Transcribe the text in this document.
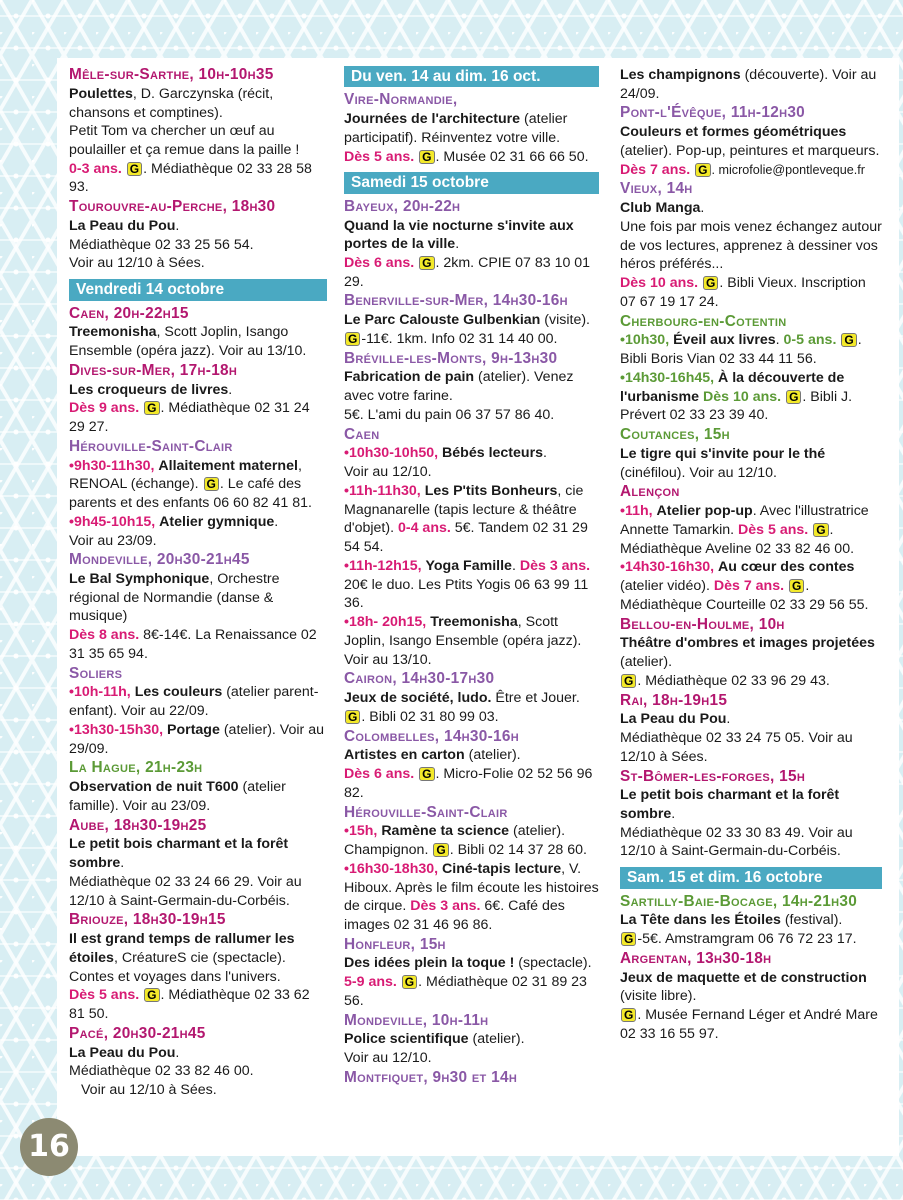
Mêle-sur-Sarthe, 10h-10h35

Poulettes, D. Garczynska (récit, chansons et comptines).

Petit Tom va chercher un œuf au poulailler et ça remue dans la paille !

0-3 ans. G . Médiathèque 02 33 28 58 93.

Tourouvre-au-Perche, 18h30

La Peau du Pou.

Médiathèque 02 33 25 56 54.

Voir au 12/10 à Sées.

Vendredi 14 octobre
Caen, 20h-22h15

Treemonisha, Scott Joplin, Isango Ensemble (opéra jazz). Voir au 13/10.

Dives-sur-Mer, 17h-18h

Les croqueurs de livres.

Dès 9 ans. G . Médiathèque 02 31 24 29 27.

Hérouville-Saint-Clair

•9h30-11h30, Allaitement maternel, RENOAL (échange). G . Le café des parents et des enfants 06 60 82 41 81.

•9h45-10h15, Atelier gymnique.

Voir au 23/09.

Mondeville, 20h30-21h45

Le Bal Symphonique, Orchestre régional de Normandie (danse & musique)

Dès 8 ans. 8€-14€. La Renaissance 02 31 35 65 94.

Soliers

•10h-11h, Les couleurs (atelier parent-enfant). Voir au 22/09.

•13h30-15h30, Portage (atelier). Voir au 29/09.

La Hague, 21h-23h

Observation de nuit T600 (atelier famille). Voir au 23/09.

Aube, 18h30-19h25

Le petit bois charmant et la forêt sombre.

Médiathèque 02 33 24 66 29. Voir au 12/10 à Saint-Germain-du-Corbéis.

Briouze, 18h30-19h15

Il est grand temps de rallumer les étoiles, CréatureS cie (spectacle). Contes et voyages dans l'univers.

Dès 5 ans. G . Médiathèque 02 33 62 81 50.

Pacé, 20h30-21h45

La Peau du Pou.

Médiathèque 02 33 82 46 00.

Voir au 12/10 à Sées.

Du ven. 14 au dim. 16 oct.
Vire-Normandie,

Journées de l'architecture (atelier participatif). Réinventez votre ville.

Dès 5 ans. G . Musée 02 31 66 66 50.

Samedi 15 octobre
Bayeux, 20h-22h

Quand la vie nocturne s'invite aux portes de la ville.

Dès 6 ans. G . 2km. CPIE 07 83 10 01 29.

Benerville-sur-Mer, 14h30-16h

Le Parc Calouste Gulbenkian (visite).

G -11€. 1km. Info 02 31 14 40 00.

Bréville-les-Monts, 9h-13h30

Fabrication de pain (atelier). Venez avec votre farine.

5€. L'ami du pain 06 37 57 86 40.

Caen

•10h30-10h50, Bébés lecteurs.

Voir au 12/10.

•11h-11h30, Les P'tits Bonheurs, cie Magnanarelle (tapis lecture & théâtre d'objet). 0-4 ans. 5€. Tandem 02 31 29 54 54.

•11h-12h15, Yoga Famille. Dès 3 ans. 20€ le duo. Les Ptits Yogis 06 63 99 11 36.

•18h- 20h15, Treemonisha, Scott Joplin, Isango Ensemble (opéra jazz). Voir au 13/10.

Cairon, 14h30-17h30

Jeux de société, ludo. Être et Jouer.

G . Bibli 02 31 80 99 03.

Colombelles, 14h30-16h

Artistes en carton (atelier).

Dès 6 ans. G . Micro-Folie 02 52 56 96 82.

Hérouville-Saint-Clair

•15h, Ramène ta science (atelier). Champignon. G . Bibli 02 14 37 28 60.

•16h30-18h30, Ciné-tapis lecture, V. Hiboux. Après le film écoute les histoires de cirque. Dès 3 ans. 6€. Café des images 02 31 46 96 86.

Honfleur, 15h

Des idées plein la toque ! (spectacle).

5-9 ans. G . Médiathèque 02 31 89 23 56.

Mondeville, 10h-11h

Police scientifique (atelier).

Voir au 12/10.

Montfiquet, 9h30 et 14h

Les champignons (découverte). Voir au 24/09.

Pont-l'Évêque, 11h-12h30

Couleurs et formes géométriques (atelier). Pop-up, peintures et marqueurs.

Dès 7 ans. G . microfolie@pontleveque.fr

Vieux, 14h

Club Manga.

Une fois par mois venez échangez autour de vos lectures, apprenez à dessiner vos héros préférés...

Dès 10 ans. G . Bibli Vieux. Inscription 07 67 19 17 24.

Cherbourg-en-Cotentin

•10h30, Éveil aux livres. 0-5 ans. G . Bibli Boris Vian 02 33 44 11 56.

•14h30-16h45, À la découverte de l'urbanisme Dès 10 ans. G . Bibli J. Prévert 02 33 23 39 40.

Coutances, 15h

Le tigre qui s'invite pour le thé (cinéfilou). Voir au 12/10.

Alençon

•11h, Atelier pop-up. Avec l'illustratrice Annette Tamarkin. Dès 5 ans. G . Médiathèque Aveline 02 33 82 46 00.

•14h30-16h30, Au cœur des contes (atelier vidéo). Dès 7 ans. G . Médiathèque Courteille 02 33 29 56 55.

Bellou-en-Houlme, 10h

Théâtre d'ombres et images projetées (atelier).

G . Médiathèque 02 33 96 29 43.

Rai, 18h-19h15

La Peau du Pou.

Médiathèque 02 33 24 75 05. Voir au 12/10 à Sées.

St-Bômer-les-forges, 15h

Le petit bois charmant et la forêt sombre.

Médiathèque 02 33 30 83 49. Voir au 12/10 à Saint-Germain-du-Corbéis.

Sam. 15 et dim. 16 octobre
Sartilly-Baie-Bocage, 14h-21h30

La Tête dans les Étoiles (festival).

G -5€. Amstramgram 06 76 72 23 17.

Argentan, 13h30-18h

Jeux de maquette et de construction (visite libre).

G . Musée Fernand Léger et André Mare 02 33 16 55 97.

16
